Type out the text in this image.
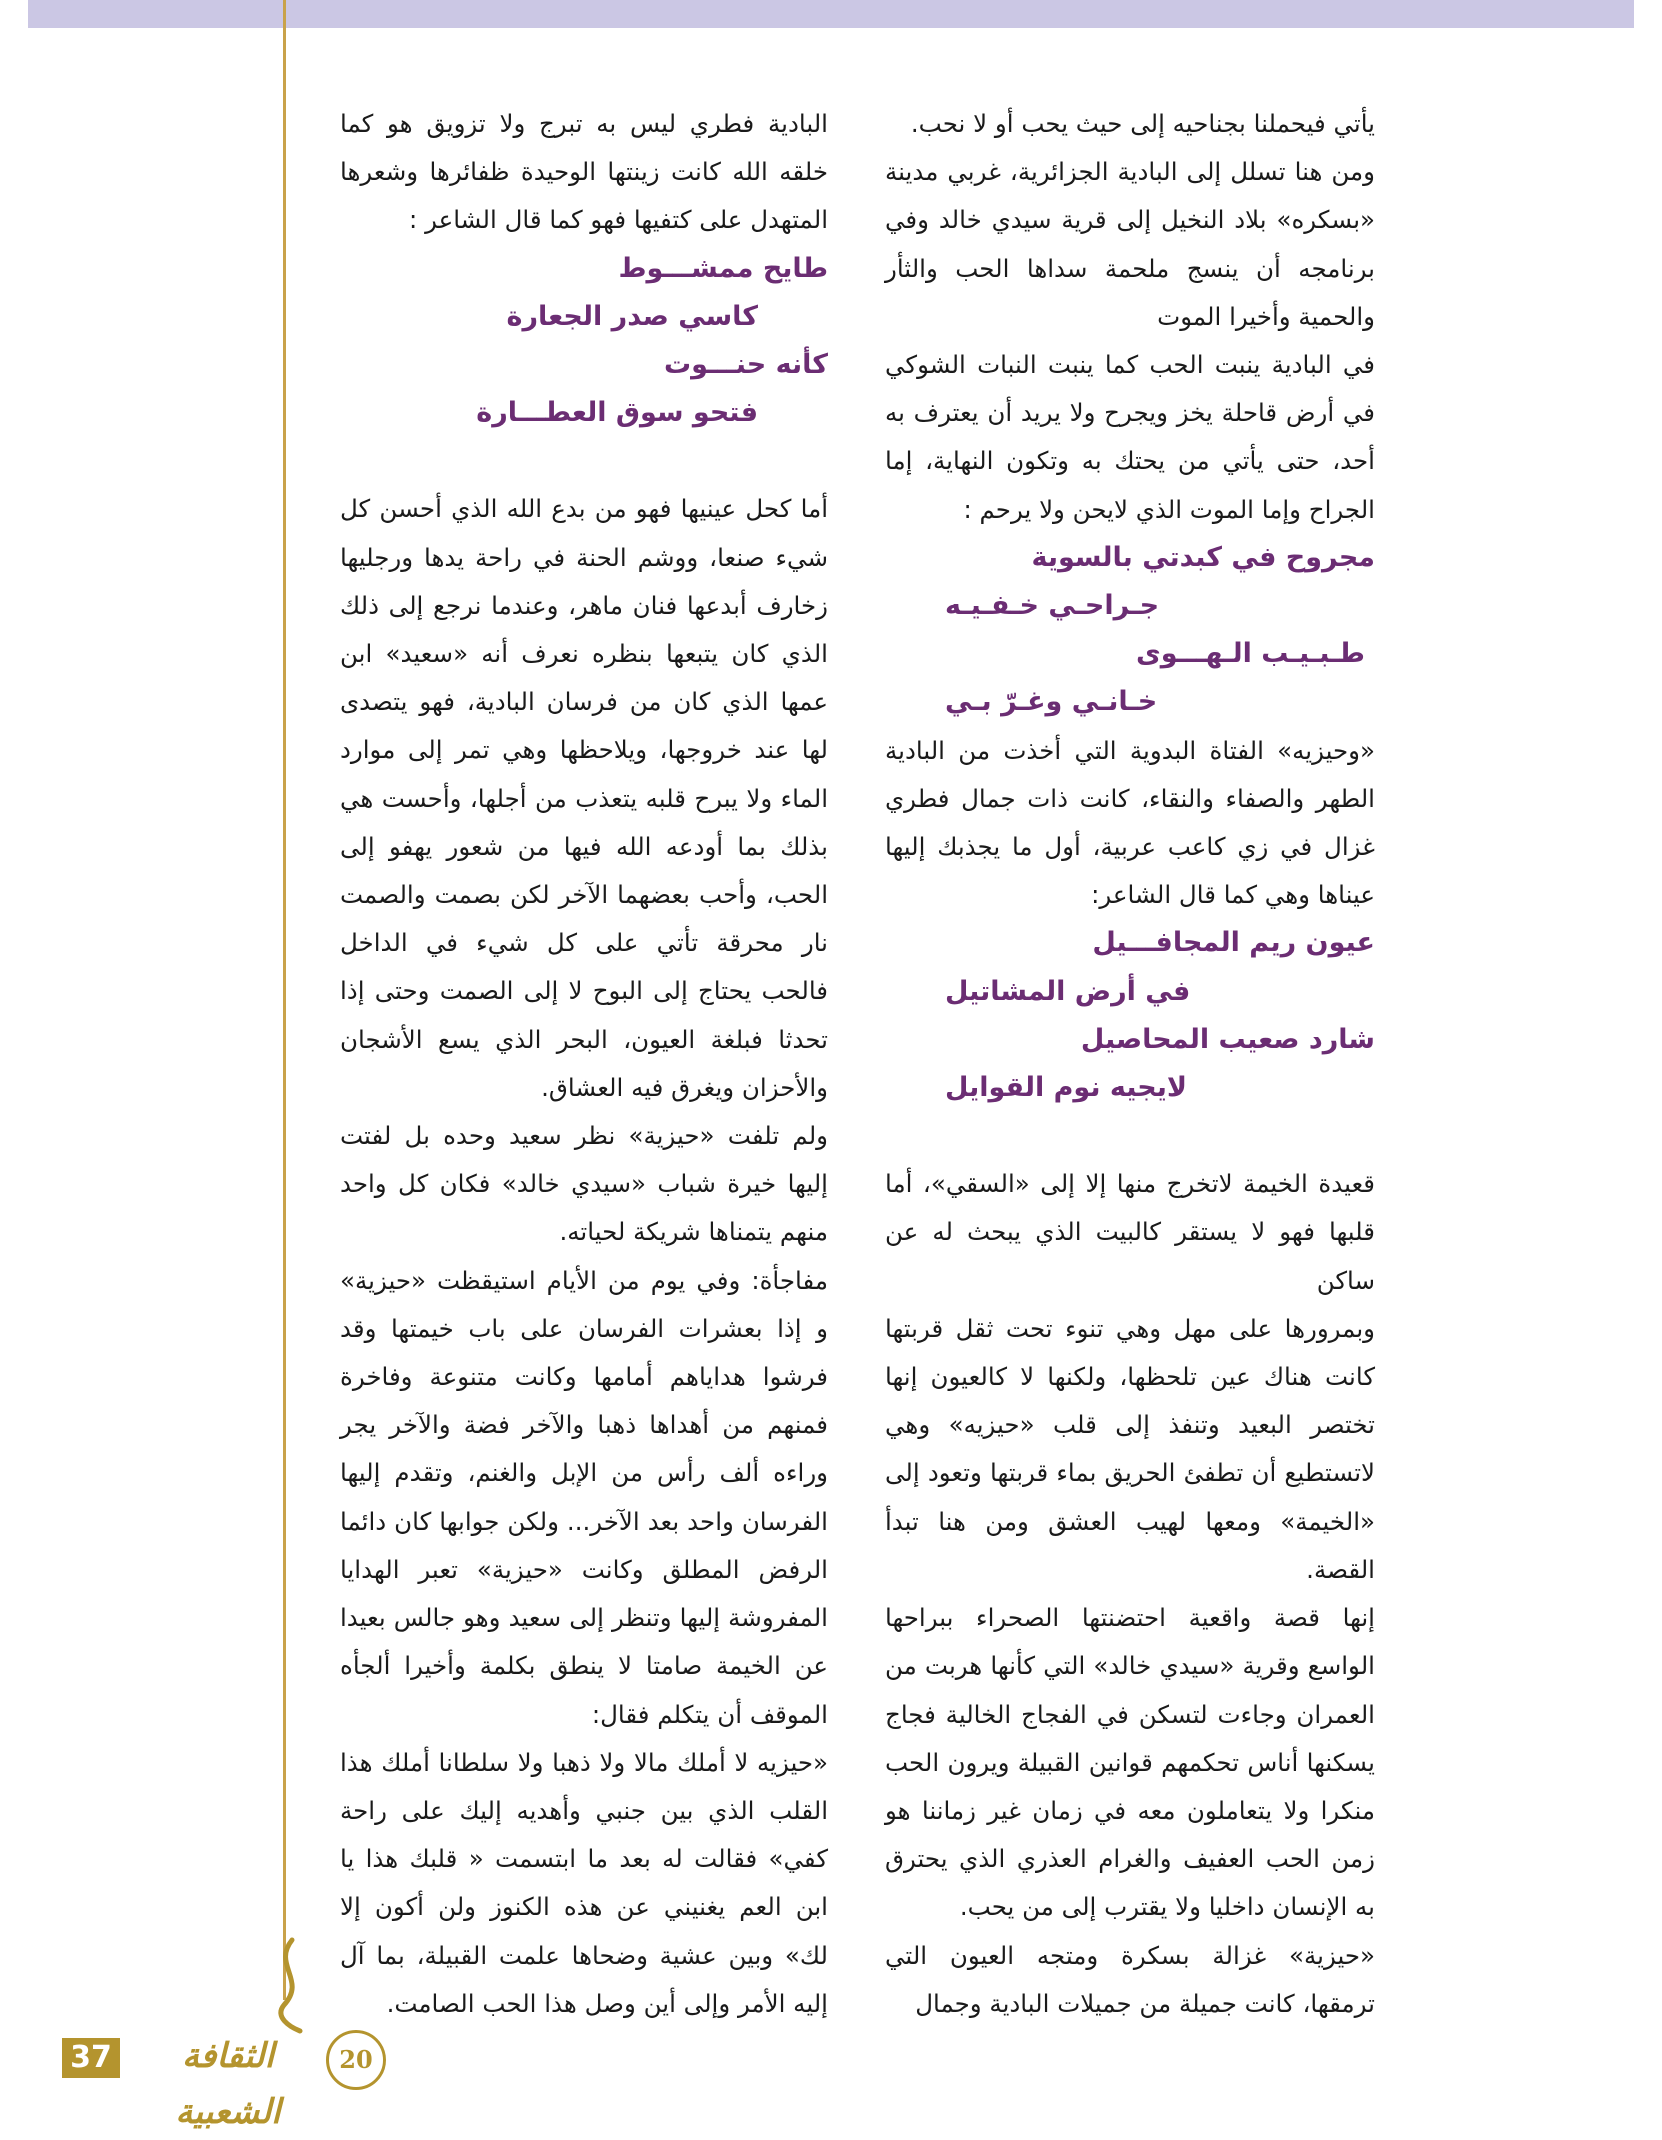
يأتي فيحملنا بجناحيه إلى حيث يحب أو لا نحب.

ومن هنا تسلل إلى البادية الجزائرية، غربي مدينة «بسكره» بلاد النخيل إلى قرية سيدي خالد وفي برنامجه أن ينسج ملحمة سداها الحب والثأر والحمية وأخيرا الموت

في البادية ينبت الحب كما ينبت النبات الشوكي في أرض قاحلة يخز ويجرح ولا يريد أن يعترف به أحد، حتى يأتي من يحتك به وتكون النهاية، إما الجراح وإما الموت الذي لايحن ولا يرحم :

مجروح في كبدتي بالسوية
جـراحـي خـفـيـه
طـبـيـب الـهـــوى
خـانـي وغـرّ بـي

«وحيزيه» الفتاة البدوية التي أخذت من البادية الطهر والصفاء والنقاء، كانت ذات جمال فطري غزال في زي كاعب عربية، أول ما يجذبك إليها عيناها وهي كما قال الشاعر:

عيون ريم المجافـــيل
في أرض المشاتيل
شارد صعيب المحاصيل
لايجيه نوم القوايل

قعيدة الخيمة لاتخرج منها إلا إلى «السقي»، أما قلبها فهو لا يستقر كالبيت الذي يبحث له عن ساكن

وبمرورها على مهل وهي تنوء تحت ثقل قربتها كانت هناك عين تلحظها، ولكنها لا كالعيون إنها تختصر البعيد وتنفذ إلى قلب «حيزيه» وهي لاتستطيع أن تطفئ الحريق بماء قربتها وتعود إلى «الخيمة» ومعها لهيب العشق ومن هنا تبدأ القصة.

إنها قصة واقعية احتضنتها الصحراء ببراحها الواسع وقرية «سيدي خالد» التي كأنها هربت من العمران وجاءت لتسكن في الفجاج الخالية فجاج يسكنها أناس تحكمهم قوانين القبيلة ويرون الحب منكرا ولا يتعاملون معه في زمان غير زماننا هو زمن الحب العفيف والغرام العذري الذي يحترق به الإنسان داخليا ولا يقترب إلى من يحب.

«حيزية» غزالة بسكرة ومتجه العيون التي ترمقها، كانت جميلة من جميلات البادية وجمال

البادية فطري ليس به تبرج ولا تزويق هو كما خلقه الله كانت زينتها الوحيدة ظفائرها وشعرها المتهدل على كتفيها فهو كما قال الشاعر :

طايح ممشـــوط
كاسي صدر الجعارة
كأنه حنـــوت
فتحو سوق العطـــارة

أما كحل عينيها فهو من بدع الله الذي أحسن كل شيء صنعا، ووشم الحنة في راحة يدها ورجليها زخارف أبدعها فنان ماهر، وعندما نرجع إلى ذلك الذي كان يتبعها بنظره نعرف أنه «سعيد» ابن عمها الذي كان من فرسان البادية، فهو يتصدى لها عند خروجها، ويلاحظها وهي تمر إلى موارد الماء ولا يبرح قلبه يتعذب من أجلها، وأحست هي بذلك بما أودعه الله فيها من شعور يهفو إلى الحب، وأحب بعضهما الآخر لكن بصمت والصمت نار محرقة تأتي على كل شيء في الداخل فالحب يحتاج إلى البوح لا إلى الصمت وحتى إذا تحدثا فبلغة العيون، البحر الذي يسع الأشجان والأحزان ويغرق فيه العشاق.

ولم تلفت «حيزية» نظر سعيد وحده بل لفتت إليها خيرة شباب «سيدي خالد» فكان كل واحد منهم يتمناها شريكة لحياته.

مفاجأة: وفي يوم من الأيام استيقظت «حيزية» و إذا بعشرات الفرسان على باب خيمتها وقد فرشوا هداياهم أمامها وكانت متنوعة وفاخرة فمنهم من أهداها ذهبا والآخر فضة والآخر يجر وراءه ألف رأس من الإبل والغنم، وتقدم إليها الفرسان واحد بعد الآخر... ولكن جوابها كان دائما الرفض المطلق وكانت «حيزية» تعبر الهدايا المفروشة إليها وتنظر إلى سعيد وهو جالس بعيدا عن الخيمة صامتا لا ينطق بكلمة وأخيرا ألجأه الموقف أن يتكلم فقال:

«حيزيه لا أملك مالا ولا ذهبا ولا سلطانا أملك هذا القلب الذي بين جنبي وأهديه إليك على راحة كفي» فقالت له بعد ما ابتسمت « قلبك هذا يا ابن العم يغنيني عن هذه الكنوز ولن أكون إلا لك» وبين عشية وضحاها علمت القبيلة، بما آل إليه الأمر وإلى أين وصل هذا الحب الصامت.

37	الثقافة الشعبية
20
